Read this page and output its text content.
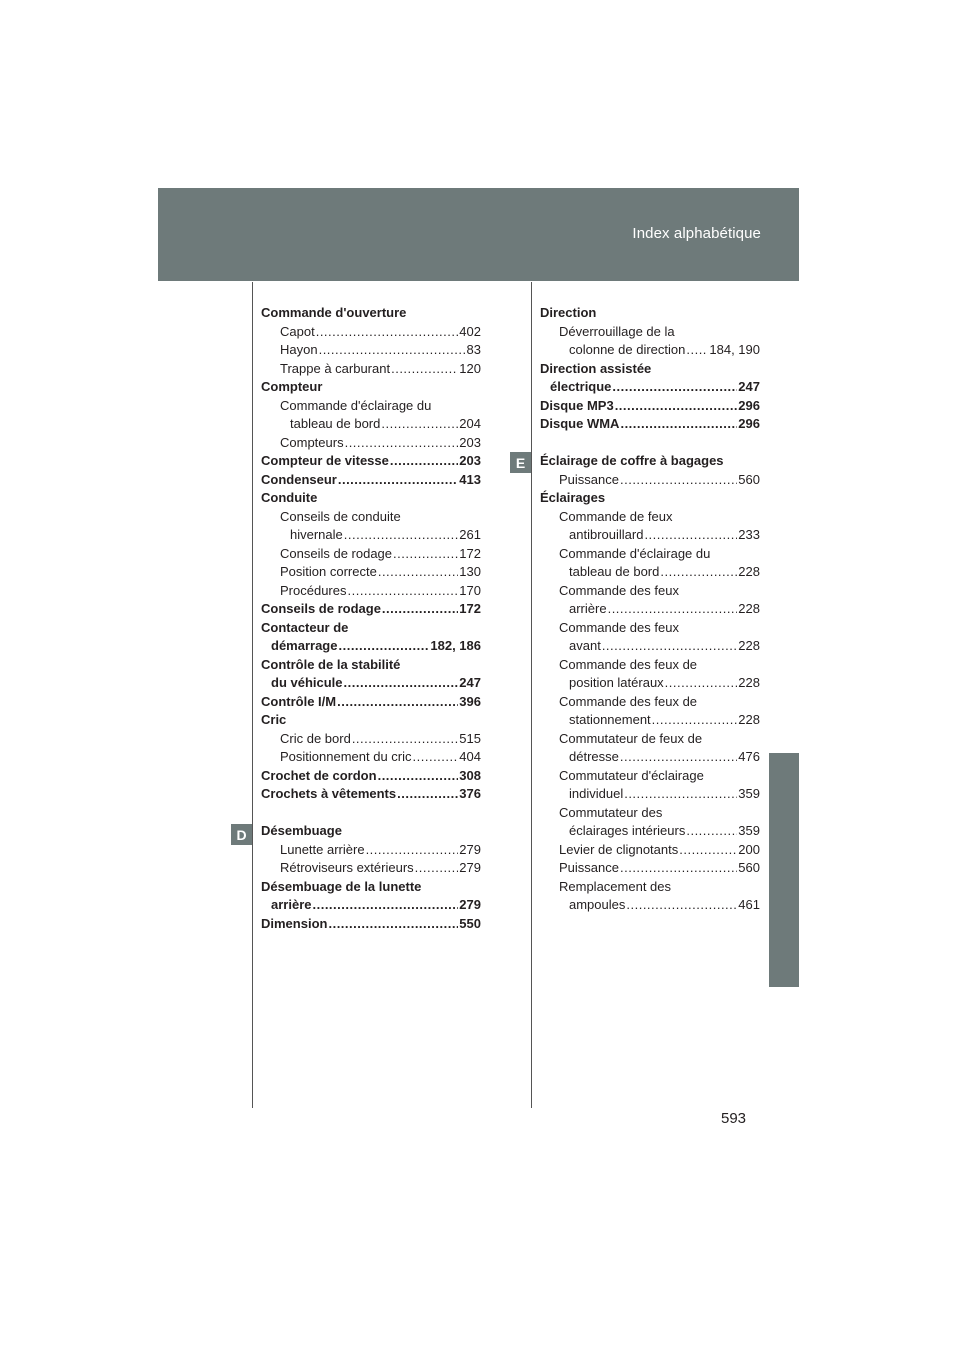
Index alphabétique
E
D
Commande d'ouverture
Capot .....	402
Hayon .....	83
Trappe à carburant .....	120
Compteur
Commande d'éclairage du
tableau de bord .....	204
Compteurs .....	203
Compteur de vitesse .....	203
Condenseur .....	413
Conduite
Conseils de conduite
hivernale .....	261
Conseils de rodage .....	172
Position correcte .....	130
Procédures .....	170
Conseils de rodage .....	172
Contacteur de
démarrage .....	182, 186
Contrôle de la stabilité
du véhicule .....	247
Contrôle I/M .....	396
Cric
Cric de bord .....	515
Positionnement du cric .....	404
Crochet de cordon .....	308
Crochets à vêtements .....	376
Désembuage
Lunette arrière .....	279
Rétroviseurs extérieurs .....	279
Désembuage de la lunette
arrière .....	279
Dimension .....	550
Direction
Déverrouillage de la
colonne de direction ..... 184, 190
Direction assistée
électrique .....	247
Disque MP3 .....	296
Disque WMA .....	296
Éclairage de coffre à bagages
Puissance .....	560
Éclairages
Commande de feux
antibrouillard .....	233
Commande d'éclairage du
tableau de bord .....	228
Commande des feux
arrière .....	228
Commande des feux
avant .....	228
Commande des feux de
position latéraux .....	228
Commande des feux de
stationnement .....	228
Commutateur de feux de
détresse .....	476
Commutateur d'éclairage
individuel .....	359
Commutateur des
éclairages intérieurs .....	359
Levier de clignotants .....	200
Puissance .....	560
Remplacement des
ampoules .....	461
593
